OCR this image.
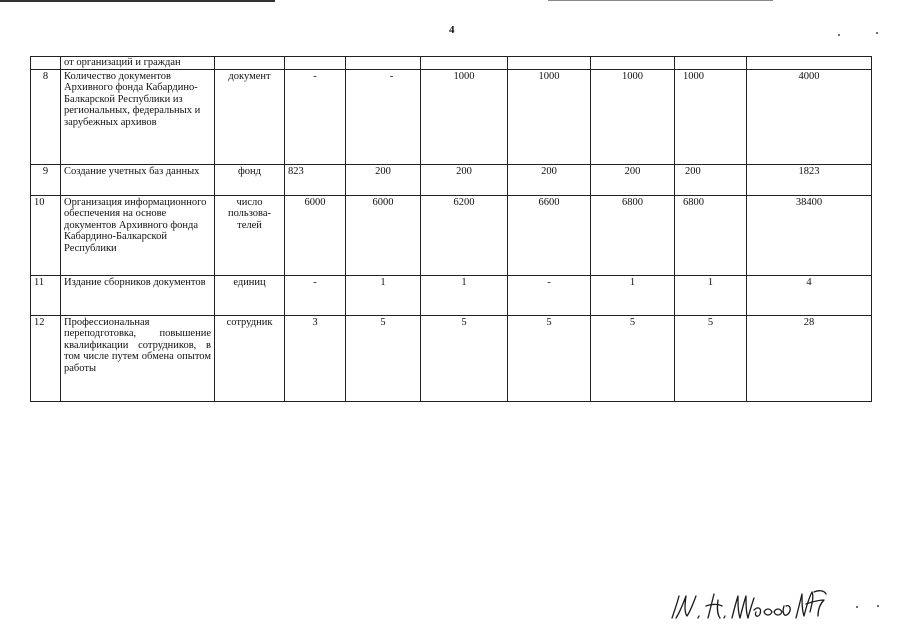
4
	от организаций и граждан								
8	Количество документов Архивного фонда Кабардино-Балкарской Республики из региональных, федеральных и зарубежных архивов	документ	-	-	1000	1000	1000	1000	4000
9	Создание учетных баз данных	фонд	823	200	200	200	200	200	1823
10	Организация информационного обеспечения на основе документов Архивного фонда Кабардино-Балкарской Республики	число пользова-телей	6000	6000	6200	6600	6800	6800	38400
11	Издание сборников документов	единиц	-	1	1	-	1	1	4
12	Профессиональная переподготовка, повышение квалификации сотрудников, в том числе путем обмена опытом работы	сотрудник	3	5	5	5	5	5	28
